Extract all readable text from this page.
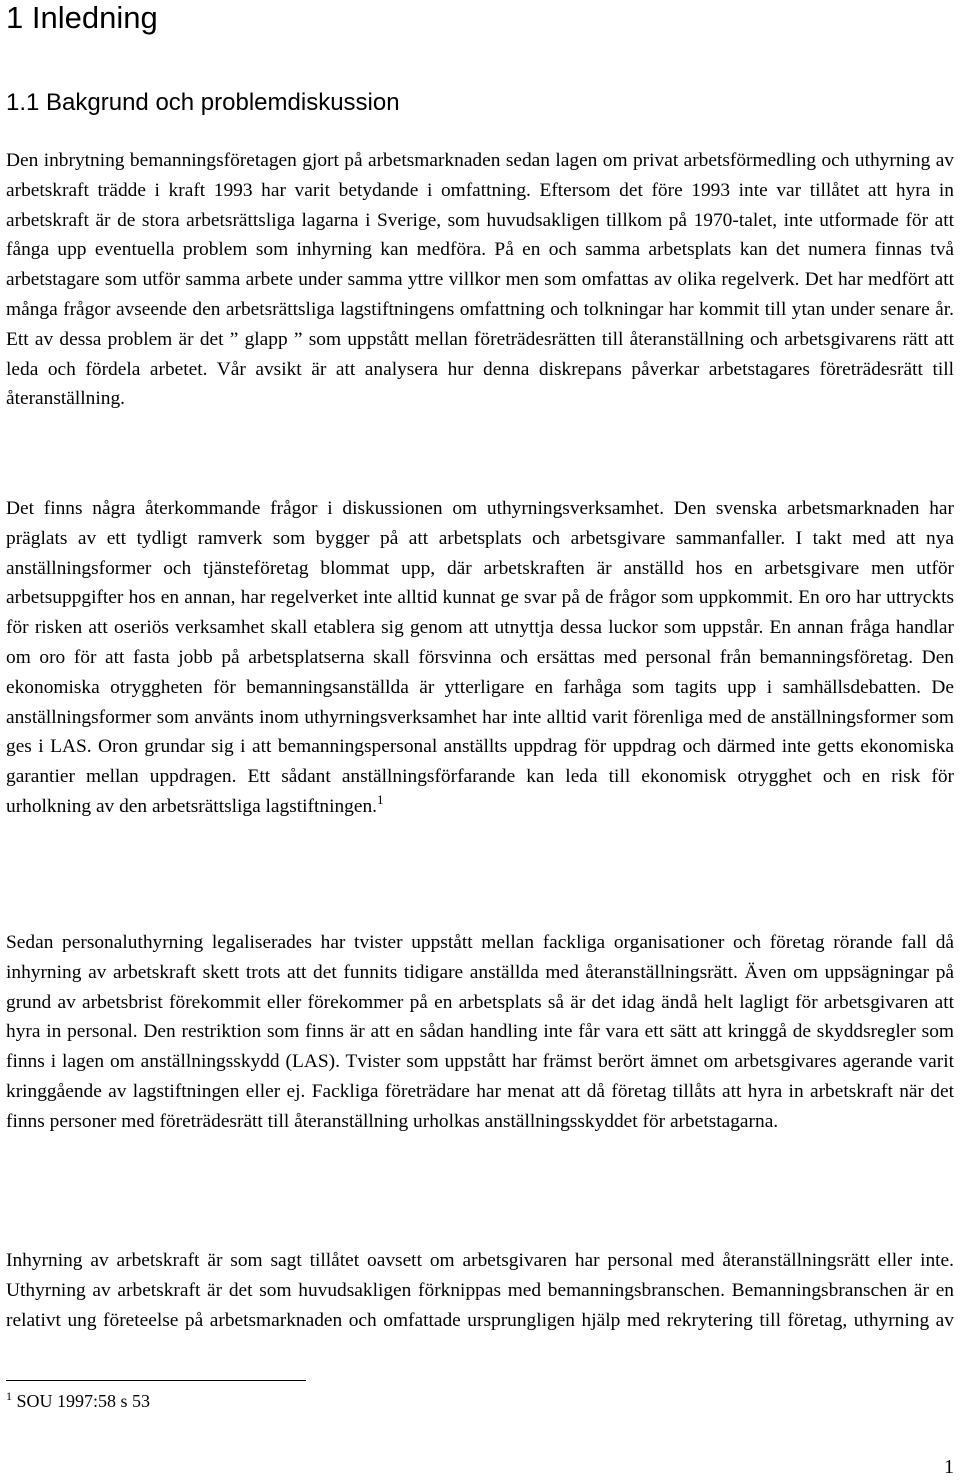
1 Inledning
1.1 Bakgrund och problemdiskussion

Den inbrytning bemanningsföretagen gjort på arbetsmarknaden sedan lagen om privat arbetsförmedling och uthyrning av arbetskraft trädde i kraft 1993 har varit betydande i omfattning. Eftersom det före 1993 inte var tillåtet att hyra in arbetskraft är de stora arbetsrättsliga lagarna i Sverige, som huvudsakligen tillkom på 1970-talet, inte utformade för att fånga upp eventuella problem som inhyrning kan medföra. På en och samma arbetsplats kan det numera finnas två arbetstagare som utför samma arbete under samma yttre villkor men som omfattas av olika regelverk. Det har medfört att många frågor avseende den arbetsrättsliga lagstiftningens omfattning och tolkningar har kommit till ytan under senare år. Ett av dessa problem är det ” glapp ” som uppstått mellan företrädesrätten till återanställning och arbetsgivarens rätt att leda och fördela arbetet. Vår avsikt är att analysera hur denna diskrepans påverkar arbetstagares företrädesrätt till återanställning.

Det finns några återkommande frågor i diskussionen om uthyrningsverksamhet. Den svenska arbetsmarknaden har präglats av ett tydligt ramverk som bygger på att arbetsplats och arbetsgivare sammanfaller. I takt med att nya anställningsformer och tjänsteföretag blommat upp, där arbetskraften är anställd hos en arbetsgivare men utför arbetsuppgifter hos en annan, har regelverket inte alltid kunnat ge svar på de frågor som uppkommit. En oro har uttryckts för risken att oseriös verksamhet skall etablera sig genom att utnyttja dessa luckor som uppstår. En annan fråga handlar om oro för att fasta jobb på arbetsplatserna skall försvinna och ersättas med personal från bemanningsföretag. Den ekonomiska otryggheten för bemanningsanställda är ytterligare en farhåga som tagits upp i samhällsdebatten. De anställningsformer som använts inom uthyrningsverksamhet har inte alltid varit förenliga med de anställningsformer som ges i LAS. Oron grundar sig i att bemanningspersonal anställts uppdrag för uppdrag och därmed inte getts ekonomiska garantier mellan uppdragen. Ett sådant anställningsförfarande kan leda till ekonomisk otrygghet och en risk för urholkning av den arbetsrättsliga lagstiftningen.$^1$

Sedan personaluthyrning legaliserades har tvister uppstått mellan fackliga organisationer och företag rörande fall då inhyrning av arbetskraft skett trots att det funnits tidigare anställda med återanställningsrätt. Även om uppsägningar på grund av arbetsbrist förekommit eller förekommer på en arbetsplats så är det idag ändå helt lagligt för arbetsgivaren att hyra in personal. Den restriktion som finns är att en sådan handling inte får vara ett sätt att kringgå de skyddsregler som finns i lagen om anställningsskydd (LAS). Tvister som uppstått har främst berört ämnet om arbetsgivares agerande varit kringgående av lagstiftningen eller ej. Fackliga företrädare har menat att då företag tillåts att hyra in arbetskraft när det finns personer med företrädesrätt till återanställning urholkas anställningsskyddet för arbetstagarna.

Inhyrning av arbetskraft är som sagt tillåtet oavsett om arbetsgivaren har personal med återanställningsrätt eller inte. Uthyrning av arbetskraft är det som huvudsakligen förknippas med bemanningsbranschen. Bemanningsbranschen är en relativt ung företeelse på arbetsmarknaden och omfattade ursprungligen hjälp med rekrytering till företag, uthyrning av

$^1$ SOU 1997:58 s 53
1
